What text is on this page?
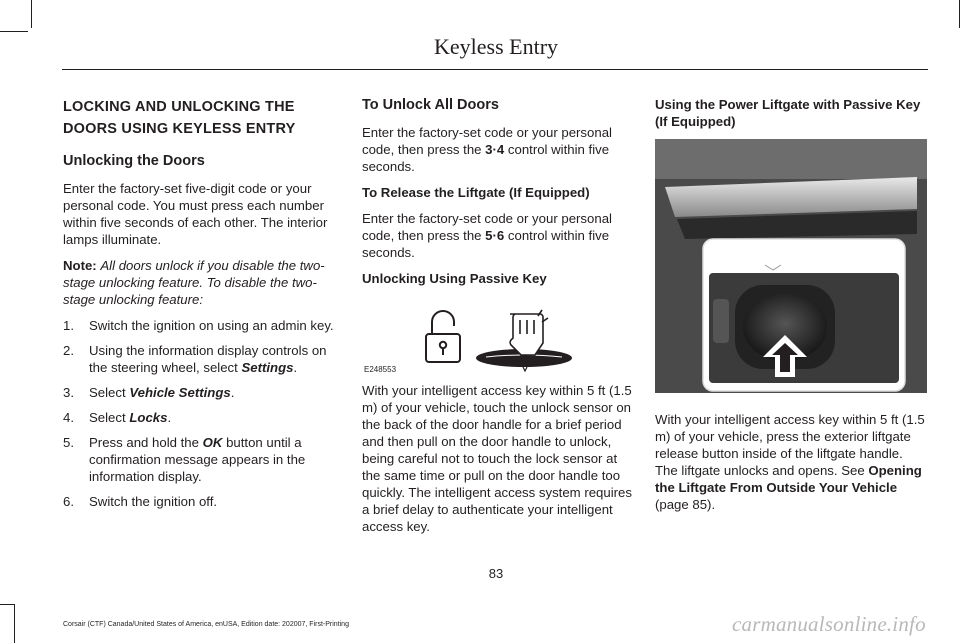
Keyless Entry
LOCKING AND UNLOCKING THE DOORS USING KEYLESS ENTRY
Unlocking the Doors

Enter the factory-set five-digit code or your personal code. You must press each number within five seconds of each other. The interior lamps illuminate.

Note: All doors unlock if you disable the two-stage unlocking feature. To disable the two-stage unlocking feature:

1. Switch the ignition on using an admin key.
2. Using the information display controls on the steering wheel, select Settings.
3. Select Vehicle Settings.
4. Select Locks.
5. Press and hold the OK button until a confirmation message appears in the information display.
6. Switch the ignition off.
To Unlock All Doors

Enter the factory-set code or your personal code, then press the 3·4 control within five seconds.

To Release the Liftgate (If Equipped)

Enter the factory-set code or your personal code, then press the 5·6 control within five seconds.

Unlocking Using Passive Key
E248553

With your intelligent access key within 5 ft (1.5 m) of your vehicle, touch the unlock sensor on the back of the door handle for a brief period and then pull on the door handle to unlock, being careful not to touch the lock sensor at the same time or pull on the door handle too quickly. The intelligent access system requires a brief delay to authenticate your intelligent access key.

Using the Power Liftgate with Passive Key (If Equipped)

With your intelligent access key within 5 ft (1.5 m) of your vehicle, press the exterior liftgate release button inside of the liftgate handle. The liftgate unlocks and opens. See Opening the Liftgate From Outside Your Vehicle (page 85).

83
Corsair (CTF) Canada/United States of America, enUSA, Edition date: 202007, First-Printing	carmanualsonline.info
